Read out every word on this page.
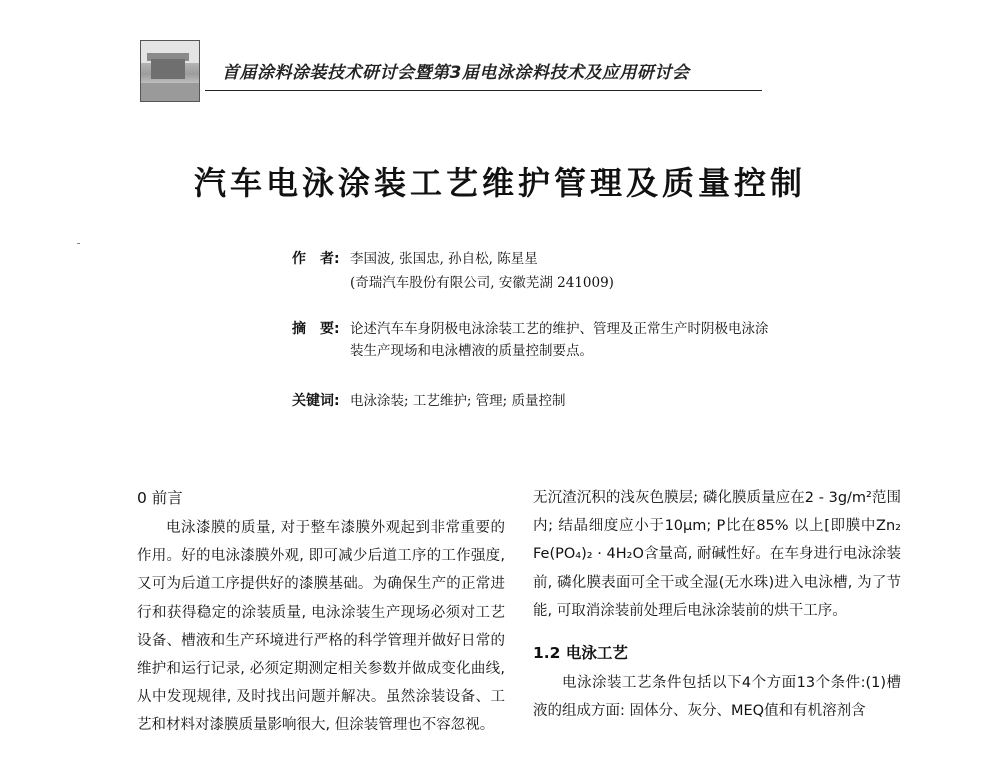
首届涂料涂装技术研讨会暨第3届电泳涂料技术及应用研讨会
汽车电泳涂装工艺维护管理及质量控制
作　者: 李国波, 张国忠, 孙自松, 陈星星
(奇瑞汽车股份有限公司, 安徽芜湖 241009)
摘　要: 论述汽车车身阴极电泳涂装工艺的维护、管理及正常生产时阴极电泳涂装生产现场和电泳槽液的质量控制要点。
关键词: 电泳涂装; 工艺维护; 管理; 质量控制
0 前言

电泳漆膜的质量, 对于整车漆膜外观起到非常重要的作用。好的电泳漆膜外观, 即可减少后道工序的工作强度, 又可为后道工序提供好的漆膜基础。为确保生产的正常进行和获得稳定的涂装质量, 电泳涂装生产现场必须对工艺设备、槽液和生产环境进行严格的科学管理并做好日常的维护和运行记录, 必须定期测定相关参数并做成变化曲线, 从中发现规律, 及时找出问题并解决。虽然涂装设备、工艺和材料对漆膜质量影响很大, 但涂装管理也不容忽视。

无沉渣沉积的浅灰色膜层; 磷化膜质量应在2 - 3g/m²范围内; 结晶细度应小于10μm; P比在85% 以上[即膜中Zn₂ Fe(PO₄)₂ · 4H₂O含量高, 耐碱性好。在车身进行电泳涂装前, 磷化膜表面可全干或全湿(无水珠)进入电泳槽, 为了节能, 可取消涂装前处理后电泳涂装前的烘干工序。

1.2 电泳工艺

电泳涂装工艺条件包括以下4个方面13个条件:(1)槽液的组成方面: 固体分、灰分、MEQ值和有机溶剂含
